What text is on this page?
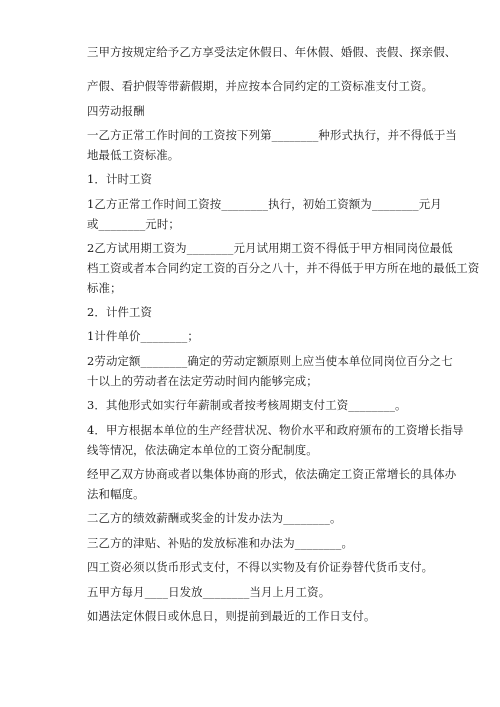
三甲方按规定给予乙方享受法定休假日、年休假、婚假、丧假、探亲假、
产假、看护假等带薪假期，并应按本合同约定的工资标准支付工资。
四劳动报酬
一乙方正常工作时间的工资按下列第________种形式执行，并不得低于当
地最低工资标准。
1．计时工资
1乙方正常工作时间工资按________执行，初始工资额为________元月
或________元时；
2乙方试用期工资为________元月试用期工资不得低于甲方相同岗位最低
档工资或者本合同约定工资的百分之八十，并不得低于甲方所在地的最低工资
标准；
2．计件工资
1计件单价________；
2劳动定额________确定的劳动定额原则上应当使本单位同岗位百分之七
十以上的劳动者在法定劳动时间内能够完成；
3．其他形式如实行年薪制或者按考核周期支付工资________。
4．甲方根据本单位的生产经营状况、物价水平和政府颁布的工资增长指导
线等情况，依法确定本单位的工资分配制度。
经甲乙双方协商或者以集体协商的形式，依法确定工资正常增长的具体办
法和幅度。
二乙方的绩效薪酬或奖金的计发办法为________。
三乙方的津贴、补贴的发放标准和办法为________。
四工资必须以货币形式支付，不得以实物及有价证券替代货币支付。
五甲方每月____日发放________当月上月工资。
如遇法定休假日或休息日，则提前到最近的工作日支付。
